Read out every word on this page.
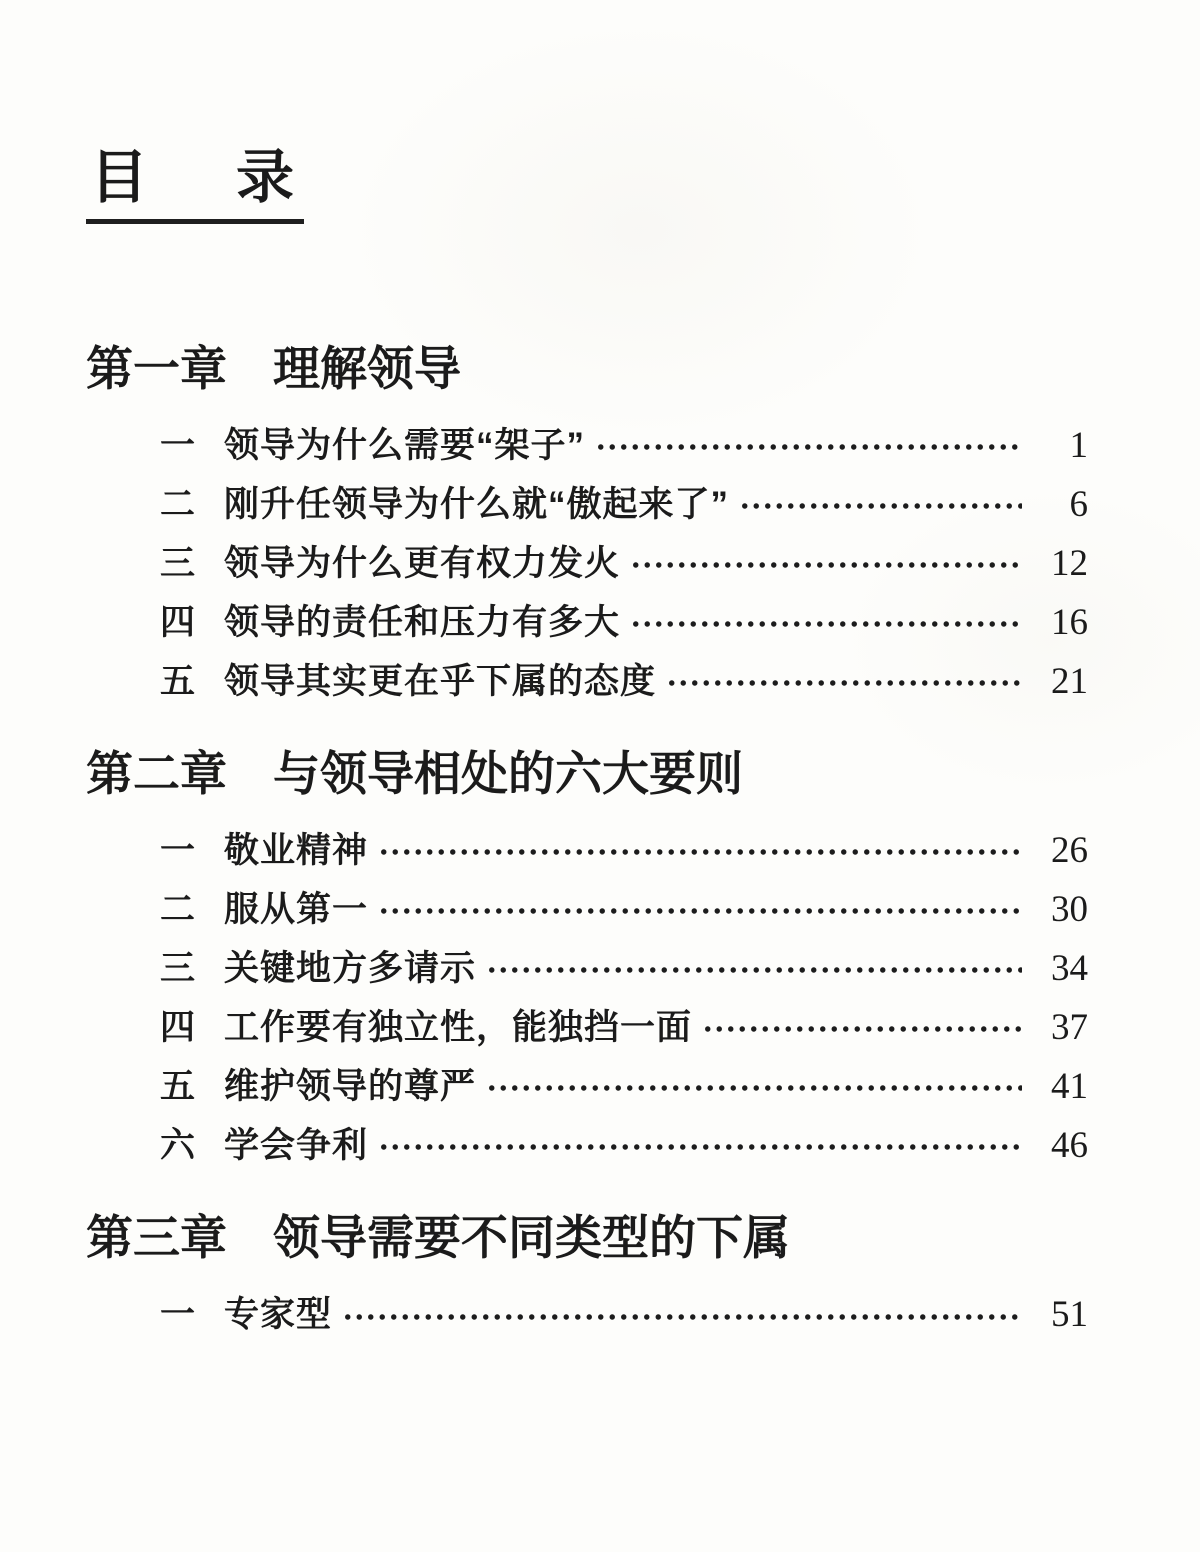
目 录
第一章 理解领导
一 领导为什么需要“架子”	1
二 刚升任领导为什么就“傲起来了”	6
三 领导为什么更有权力发火	12
四 领导的责任和压力有多大	16
五 领导其实更在乎下属的态度	21
第二章 与领导相处的六大要则
一 敬业精神	26
二 服从第一	30
三 关键地方多请示	34
四 工作要有独立性，能独挡一面	37
五 维护领导的尊严	41
六 学会争利	46
第三章 领导需要不同类型的下属
一 专家型	51
